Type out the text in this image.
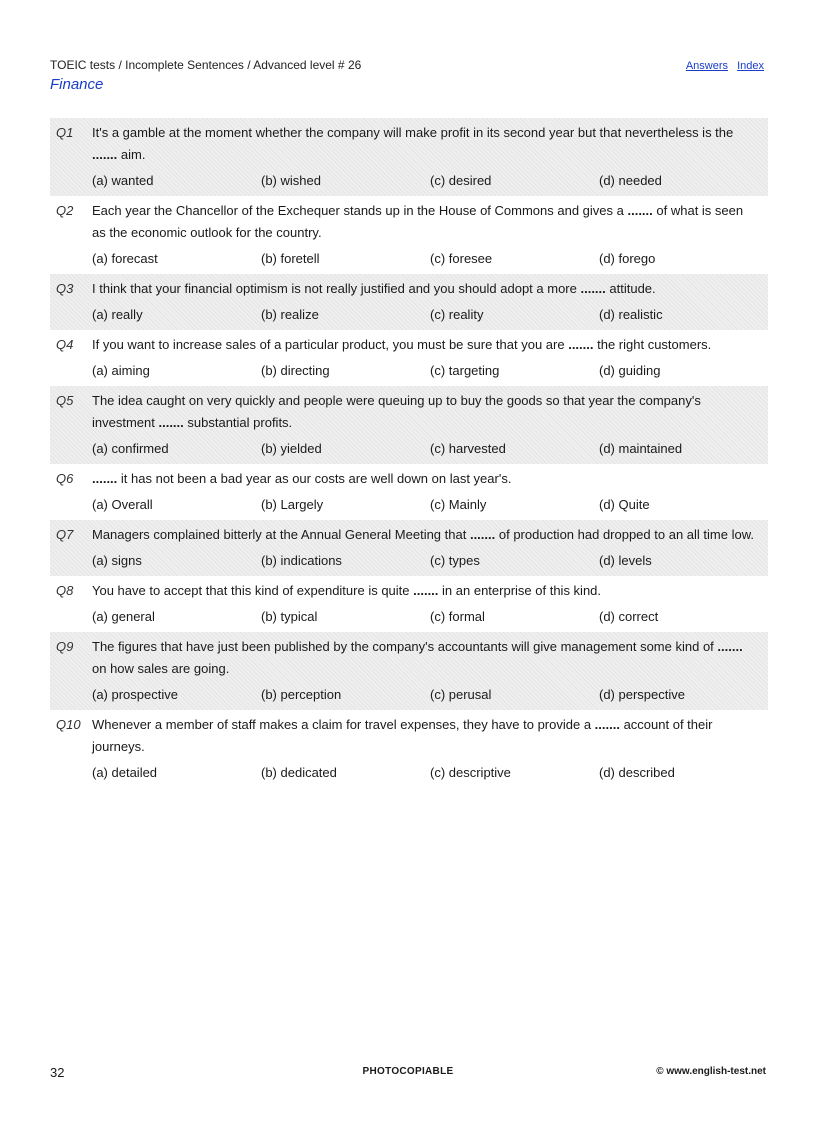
TOEIC tests / Incomplete Sentences / Advanced level # 26	Answers Index
Finance
Q1 It's a gamble at the moment whether the company will make profit in its second year but that nevertheless is the ....... aim.
(a) wanted	(b) wished	(c) desired	(d) needed
Q2 Each year the Chancellor of the Exchequer stands up in the House of Commons and gives a ....... of what is seen as the economic outlook for the country.
(a) forecast	(b) foretell	(c) foresee	(d) forego
Q3 I think that your financial optimism is not really justified and you should adopt a more ....... attitude.
(a) really	(b) realize	(c) reality	(d) realistic
Q4 If you want to increase sales of a particular product, you must be sure that you are ....... the right customers.
(a) aiming	(b) directing	(c) targeting	(d) guiding
Q5 The idea caught on very quickly and people were queuing up to buy the goods so that year the company's investment ....... substantial profits.
(a) confirmed	(b) yielded	(c) harvested	(d) maintained
Q6 ....... it has not been a bad year as our costs are well down on last year's.
(a) Overall	(b) Largely	(c) Mainly	(d) Quite
Q7 Managers complained bitterly at the Annual General Meeting that ....... of production had dropped to an all time low.
(a) signs	(b) indications	(c) types	(d) levels
Q8 You have to accept that this kind of expenditure is quite ....... in an enterprise of this kind.
(a) general	(b) typical	(c) formal	(d) correct
Q9 The figures that have just been published by the company's accountants will give management some kind of ....... on how sales are going.
(a) prospective	(b) perception	(c) perusal	(d) perspective
Q10 Whenever a member of staff makes a claim for travel expenses, they have to provide a ....... account of their journeys.
(a) detailed	(b) dedicated	(c) descriptive	(d) described
32	PHOTOCOPIABLE	© www.english-test.net
